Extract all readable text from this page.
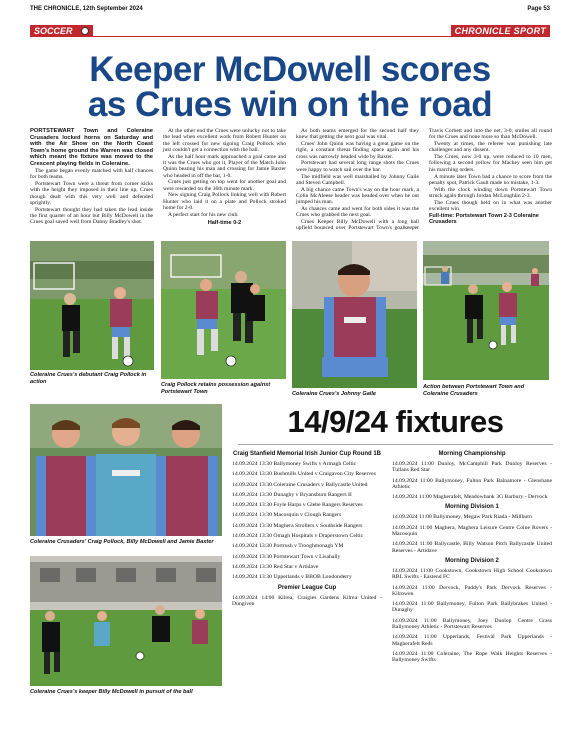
THE CHRONICLE, 12th September 2024	Page 53
SOCCER	CHRONICLE SPORT
Keeper McDowell scores
as Crues win on the road

PORTSTEWART Town and Coleraine Crusaders locked horns on Saturday and with the Air Show on the North Coast Town's home ground the Warren was closed which meant the fixture was moved to the Crescent playing fields in Coleraine.

The game began evenly matched with half chances for both teams.

Portstewart Town were a threat from corner kicks with the height they imposed in their line up, Crues though dealt with this very well and defended sprightly.

Portstewart thought they had taken the lead inside the first quarter of an hour but Billy McDowell in the Crues goal saved well from Danny Bradley's shot.

At the other end the Crues were unlucky not to take the lead when excellent work from Robert Hunter on the left crossed for new signing Craig Pollock who just couldn't get a connection with the ball.

As the half hour mark approached a goal came and it was the Crues who got it, Player of the Match John Quinn beating his man and crossing for Jamie Baxter who headed in off the bar, 1-0.

Crues just getting on top went for another goal and were rewarded on the 36th minute mark.

New signing Craig Pollock linking well with Robert Hunter who laid it on a plate and Pollock stroked home for 2-0.

A perfect start for his new club.

Half-time 0-2

As both teams emerged for the second half they knew that getting the next goal was vital.

Crues' John Quinn was having a great game on the right, a constant threat finding space again and his cross was narrowly headed wide by Baxter.

Portstewart had several long range shots the Crues were happy to watch sail over the bar.

The midfield was well marshalled by Johnny Gaile and Steven Campbell.

A big chance came Town's way on the hour mark, a Colin McAleese header was headed over when he out jumped his man.

As chances came and went for both sides it was the Crues who grabbed the next goal.

Crues Keeper Billy McDowell with a long ball upfield bounced over Portstewart Town's goalkeeper Travis Corbett and into the net, 3-0, smiles all round for the Crues and none more so than McDowell.

Twenty at times, the referee was punishing late challenges and any dissent.

The Crues, now 3-0 up, were reduced to 10 men, following a second yellow for Mackey seen him get his marching orders.

A minute later Town had a chance to score from the penalty spot, Patrick Gault made no mistake, 1-3.

With the clock winding down Portstewart Town struck again through Jordan McLoughlin 2-3.

The Crues though held on in what was another excellent win.

Full-time: Portstewart Town 2-3 Coleraine Crusaders

Coleraine Crues's debutant Craig Pollock in action
Craig Pollock retains possession against Portstewart Town	Coleraine Crues's Johnny Gaile
Action between Portstewart Town and Coleraine Crusaders
Coleraine Crusaders' Craig Pollock, Billy McDowell and Jamie Baxter
Coleraine Crues's keeper Billy McDowell in pursuit of the ball
14/9/24 fixtures
Craig Stanfield Memorial Irish Junior Cup Round 1B
14.09.2024 13:30 Ballymoney Swifts v Armagh Celtic
14.09.2024 13:30 Bushmills United v Craigavon City Reserves
14.09.2024 13:30 Coleraine Crusaders v Ballycastle United
14.09.2024 13:30 Dunaghy v Bryansburn Rangers II
14.09.2024 13:30 Foyle Harps v Glebe Rangers Reserves
14.09.2024 13:30 Macosquin v Clough Rangers
14.09.2024 13:30 Maghera Strollers v Southside Rangers
14.09.2024 13:30 Omagh Hospitals v Draperstown Celtic
14.09.2024 13:30 Portrush v Trooghmonagh YM
14.09.2024 13:30 Portstewart Town v Lisahally
14.09.2024 13:30 Red Star v Artidave
14.09.2024 13:30 Upperlands v BBOB Londonderry
Premier League Cup
14.09.2024 14:00 Kilrea, Craigies Gardens Kilrea United - Dungiven
Morning Championship
14.09.2024 11:00 Dunloy, McCamphill Park Dunloy Reserves - Tullans Red Star
14.09.2024 11:00 Ballymoney, Fulton Park Balnamore - Glenshane Athletic
14.09.2024 11:00 Magherafelt, Meadowbank 3G Barbury - Dervock
Morning Division 1
14.09.2024 11:00 Ballymoney, Megaw Park Riada - Millburn
14.09.2024 11:00 Maghera, Maghera Leisure Centre Coine Rovers - Macosquin
14.09.2024 11:00 Ballycastle, Billy Watson Pitch Ballycastle United Reserves - Artidave
Morning Division 2
14.09.2024 11:00 Cookstown, Cookstown High School Cookstown RBL Swifts - Eastend FC
14.09.2024 11:00 Dervock, Paddy's Park Dervock Reserves - Kilrowen
14.09.2024 11:00 Ballymoney, Fulton Park Ballybrakes United - Dunaghy
14.09.2024 11:00 Ballymoney, Joey Dunlop Centre Grass Ballymoney Athletic - Portstewart Reserves
14.09.2024 11:00 Upperlands, Festival Park Upperlands - Magherafelt Reds
14.09.2024 11:00 Coleraine, The Rope Walk Heights Reserves - Ballymoney Swifts
